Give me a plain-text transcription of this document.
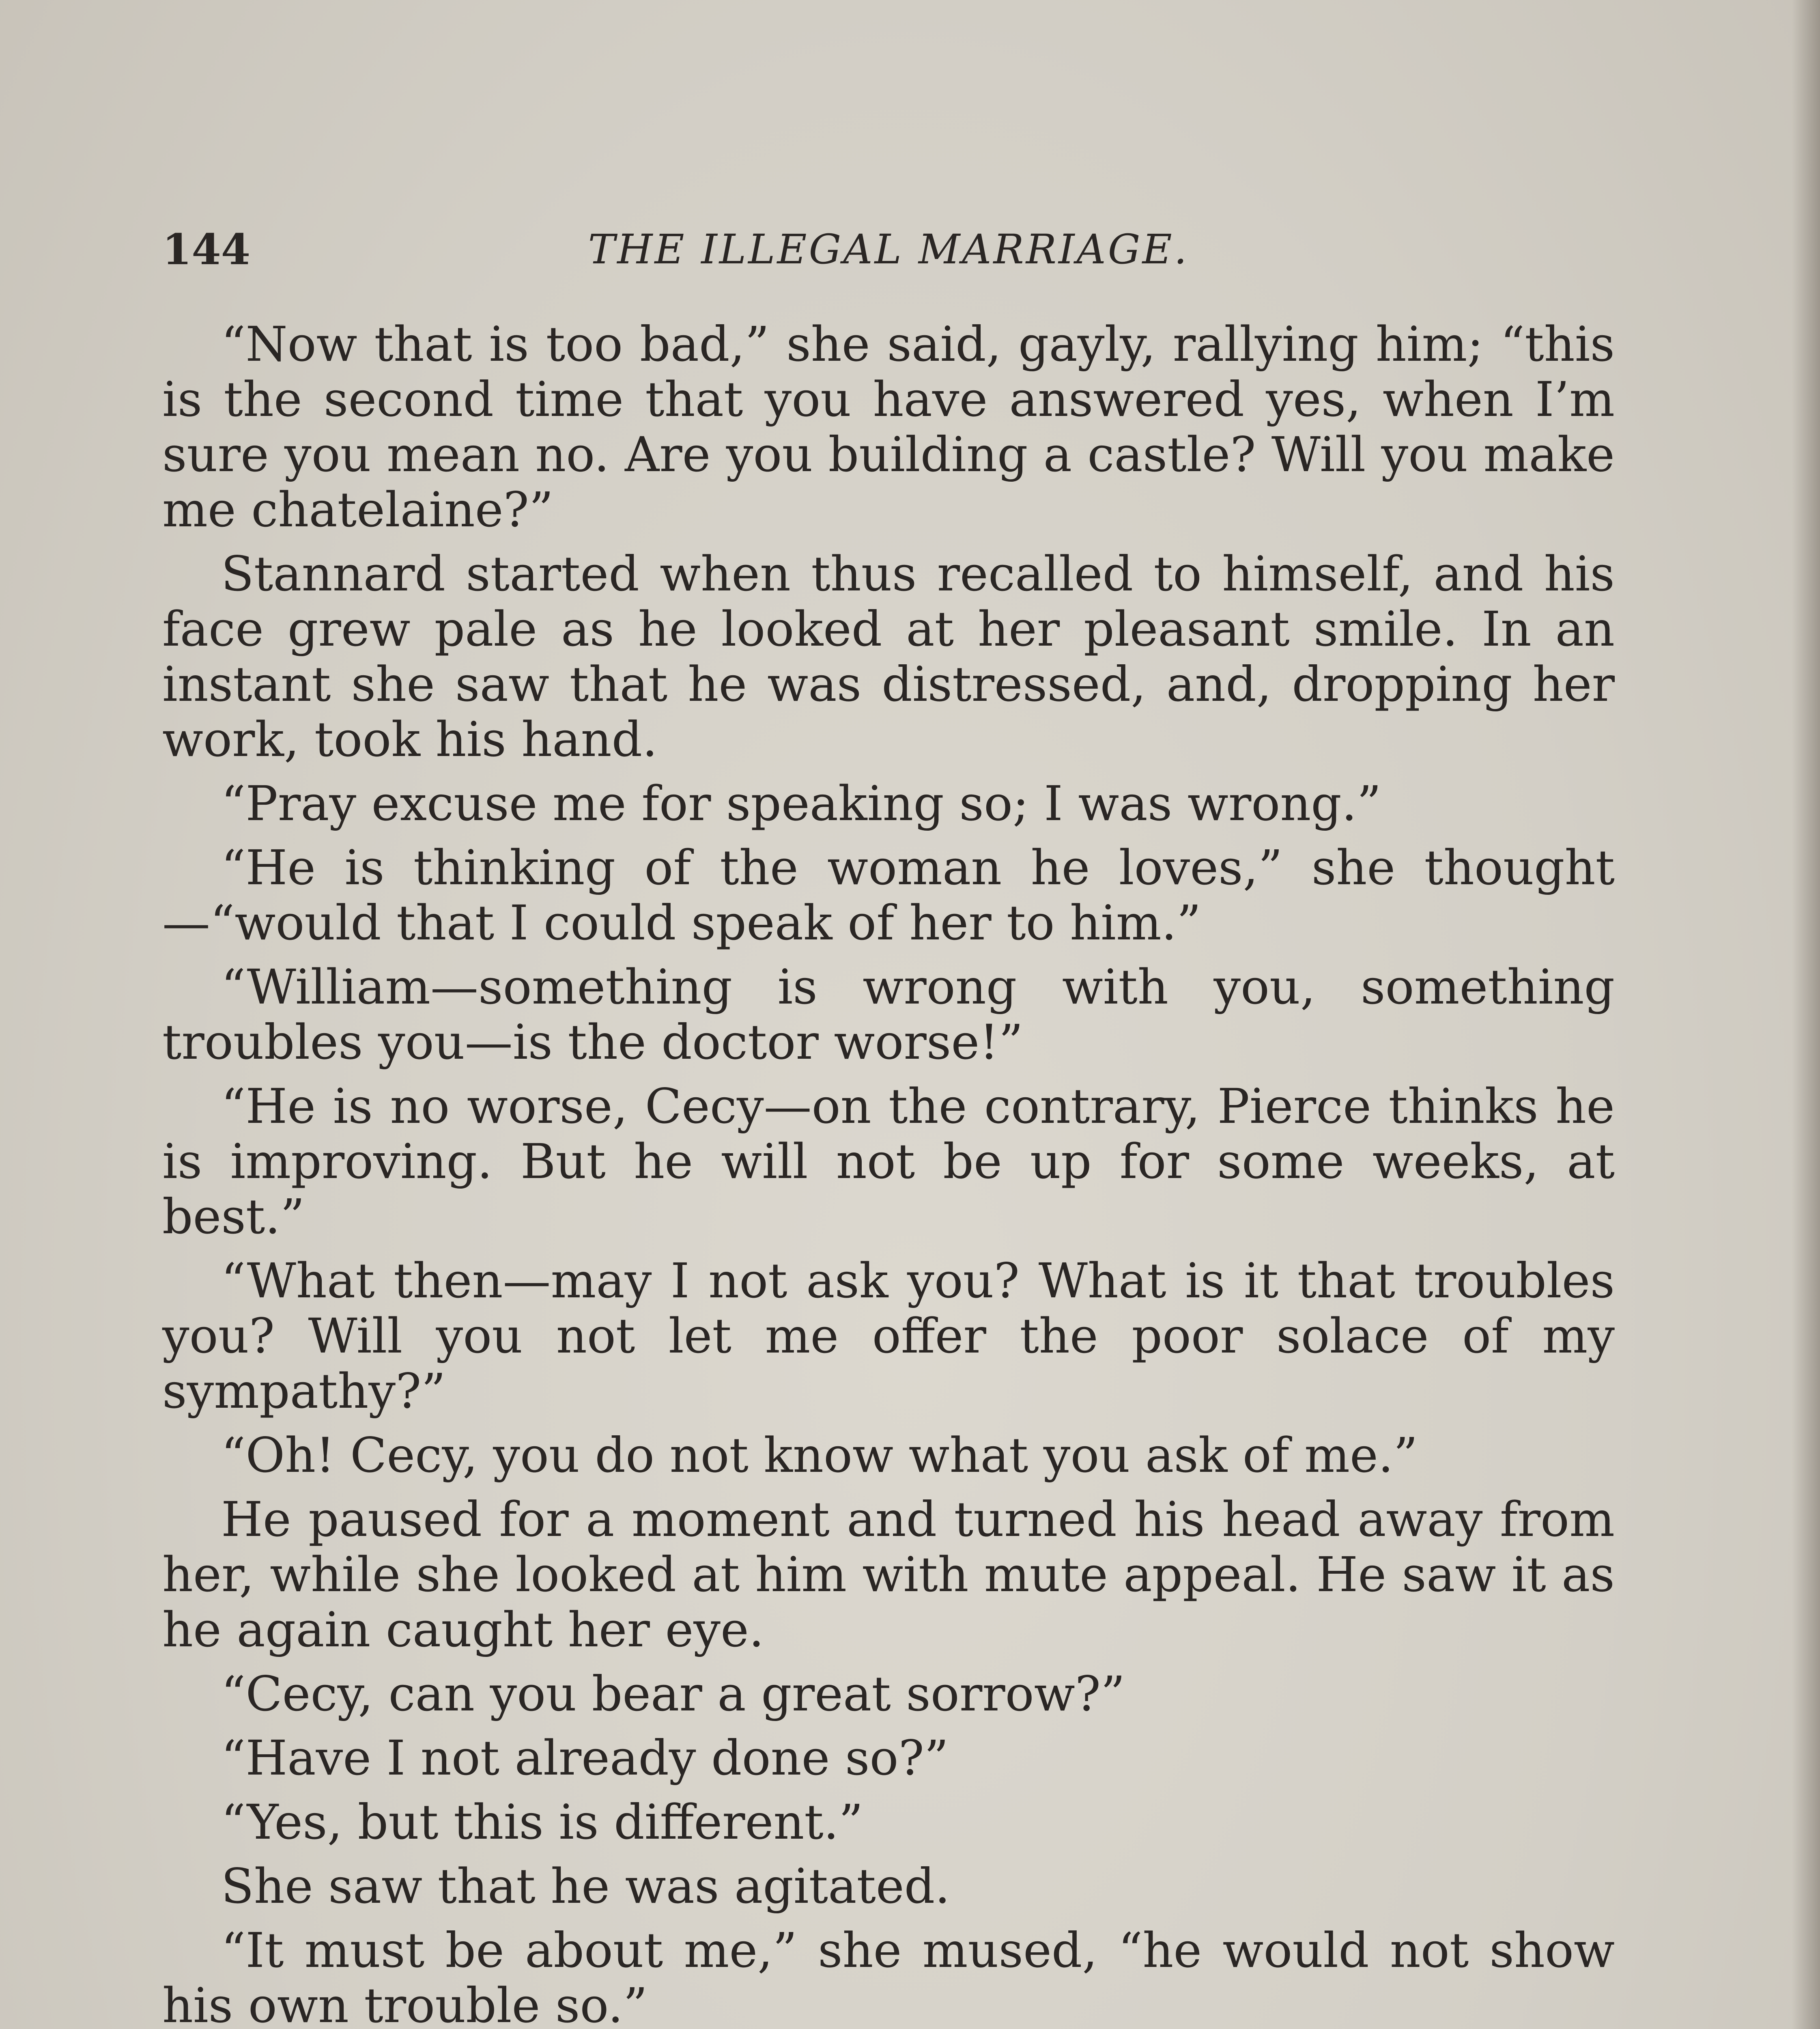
144	THE ILLEGAL MARRIAGE.

“Now that is too bad,” she said, gayly, rallying him; “this is the second time that you have answered yes, when I’m sure you mean no. Are you building a castle? Will you make me chatelaine?”

Stannard started when thus recalled to himself, and his face grew pale as he looked at her pleasant smile. In an instant she saw that he was distressed, and, dropping her work, took his hand.

“Pray excuse me for speaking so; I was wrong.”

“He is thinking of the woman he loves,” she thought—“would that I could speak of her to him.”

“William—something is wrong with you, something troubles you—is the doctor worse!”

“He is no worse, Cecy—on the contrary, Pierce thinks he is improving. But he will not be up for some weeks, at best.”

“What then—may I not ask you? What is it that troubles you? Will you not let me offer the poor solace of my sympathy?”

“Oh! Cecy, you do not know what you ask of me.”

He paused for a moment and turned his head away from her, while she looked at him with mute appeal. He saw it as he again caught her eye.

“Cecy, can you bear a great sorrow?”

“Have I not already done so?”

“Yes, but this is different.”

She saw that he was agitated.

“It must be about me,” she mused, “he would not show his own trouble so.”
